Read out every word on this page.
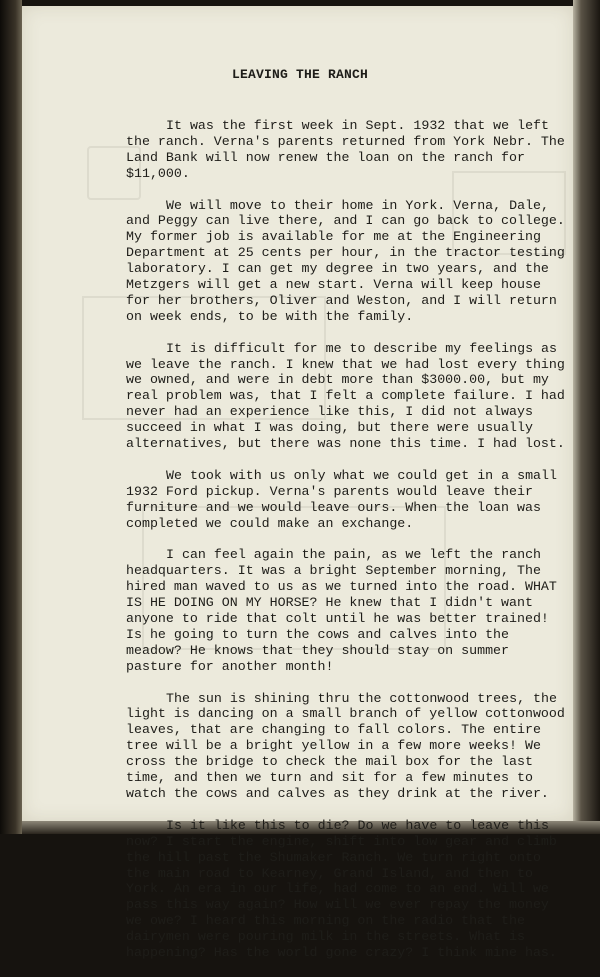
LEAVING THE RANCH

It was the first week in Sept. 1932 that we left the ranch. Verna's parents returned from York Nebr. The Land Bank will now renew the loan on the ranch for $11,000.

We will move to their home in York. Verna, Dale, and Peggy can live there, and I can go back to college. My former job is available for me at the Engineering Department at 25 cents per hour, in the tractor testing laboratory. I can get my degree in two years, and the Metzgers will get a new start. Verna will keep house for her brothers, Oliver and Weston, and I will return on week ends, to be with the family.

It is difficult for me to describe my feelings as we leave the ranch. I knew that we had lost every thing we owned, and were in debt more than $3000.00, but my real problem was, that I felt a complete failure. I had never had an experience like this, I did not always succeed in what I was doing, but there were usually alternatives, but there was none this time. I had lost.

We took with us only what we could get in a small 1932 Ford pickup. Verna's parents would leave their furniture and we would leave ours. When the loan was completed we could make an exchange.

I can feel again the pain, as we left the ranch headquarters. It was a bright September morning, The hired man waved to us as we turned into the road. WHAT IS HE DOING ON MY HORSE? He knew that I didn't want anyone to ride that colt until he was better trained! Is he going to turn the cows and calves into the meadow? He knows that they should stay on summer pasture for another month!

The sun is shining thru the cottonwood trees, the light is dancing on a small branch of yellow cottonwood leaves, that are changing to fall colors. The entire tree will be a bright yellow in a few more weeks! We cross the bridge to check the mail box for the last time, and then we turn and sit for a few minutes to watch the cows and calves as they drink at the river.

Is it like this to die? Do we have to leave this now? I start the engine, shift into low gear and climb the hill past the Shumaker Ranch. We turn right onto the main road to Kearney, Grand Island, and then to York. An era in our life, had come to an end. Will we pass this way again? How will we ever repay the money we owe? I heard this morning on the radio that the dairymen were pouring milk in the streets. What is happening? Has the world gone crazy? I think mine has.
